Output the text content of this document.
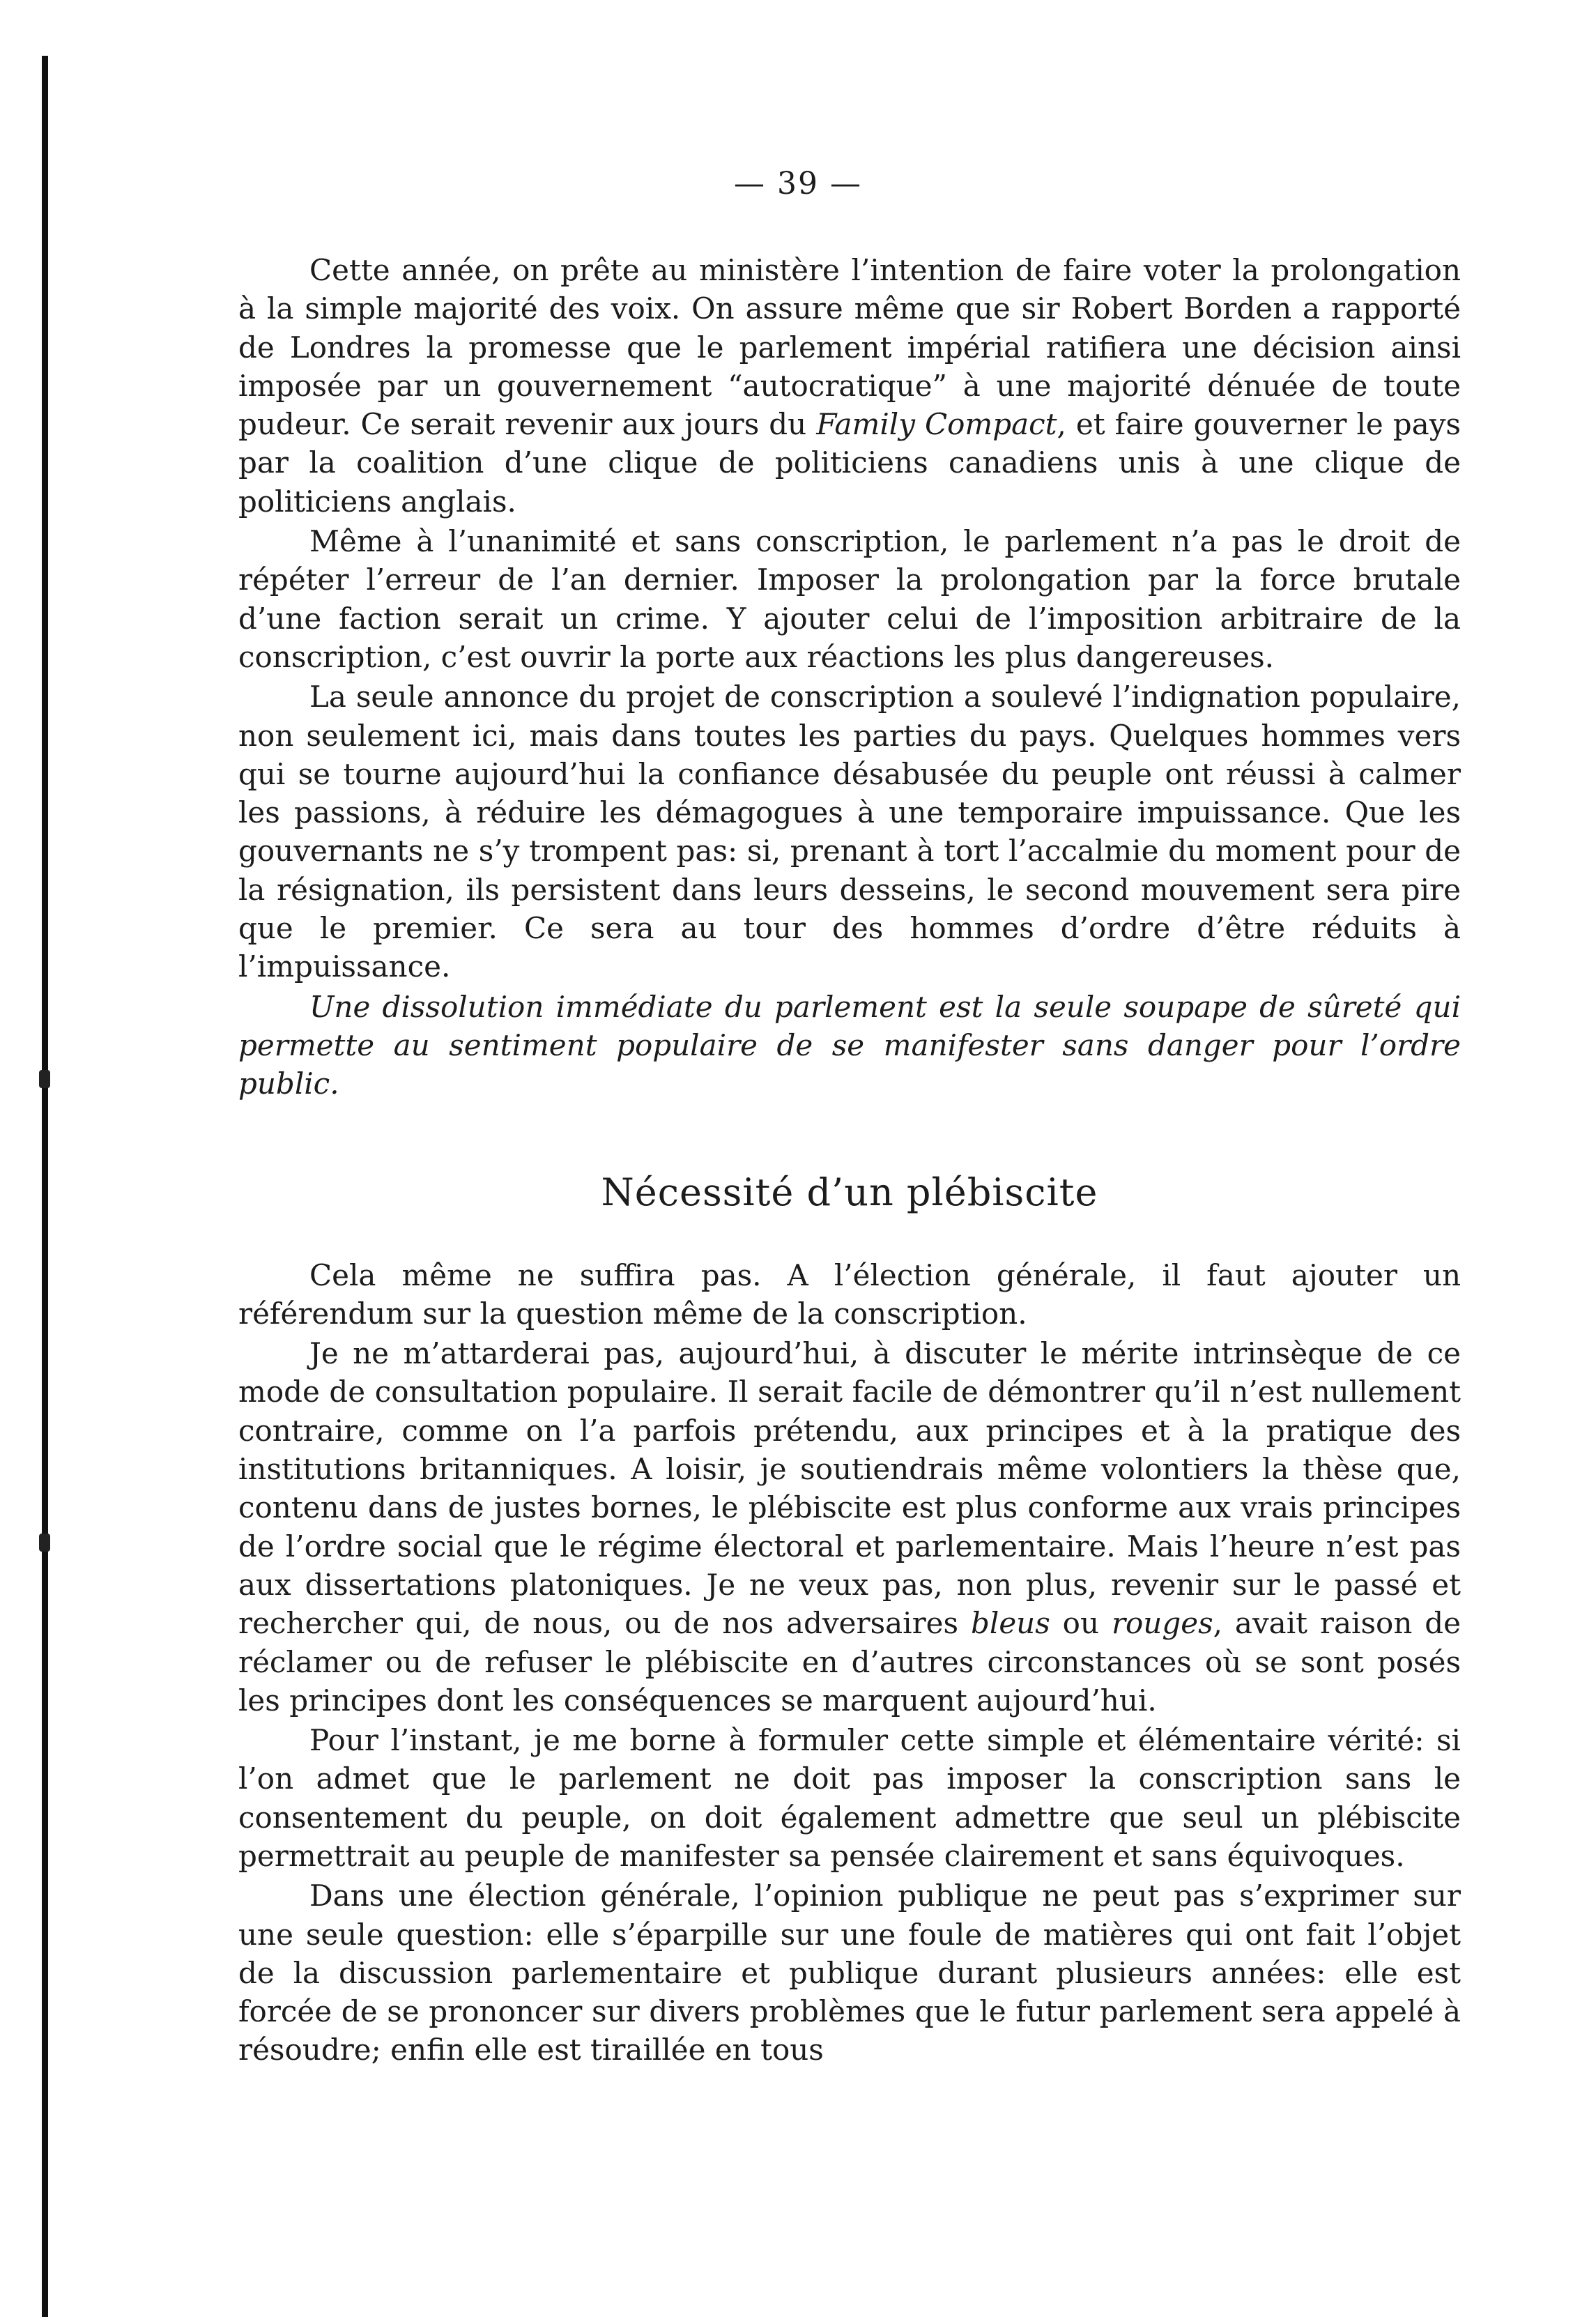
— 39 —

Cette année, on prête au ministère l’intention de faire voter la prolongation à la simple majorité des voix. On assure même que sir Robert Borden a rapporté de Londres la promesse que le parlement impérial ratifiera une décision ainsi imposée par un gouvernement “autocratique” à une majorité dénuée de toute pudeur. Ce serait revenir aux jours du Family Compact, et faire gouverner le pays par la coalition d’une clique de politiciens canadiens unis à une clique de politiciens anglais.

Même à l’unanimité et sans conscription, le parlement n’a pas le droit de répéter l’erreur de l’an dernier. Imposer la prolongation par la force brutale d’une faction serait un crime. Y ajouter celui de l’imposition arbitraire de la conscription, c’est ouvrir la porte aux réactions les plus dangereuses.

La seule annonce du projet de conscription a soulevé l’indignation populaire, non seulement ici, mais dans toutes les parties du pays. Quelques hommes vers qui se tourne aujourd’hui la confiance désabusée du peuple ont réussi à calmer les passions, à réduire les démagogues à une temporaire impuissance. Que les gouvernants ne s’y trompent pas: si, prenant à tort l’accalmie du moment pour de la résignation, ils persistent dans leurs desseins, le second mouvement sera pire que le premier. Ce sera au tour des hommes d’ordre d’être réduits à l’impuissance.

Une dissolution immédiate du parlement est la seule soupape de sûreté qui permette au sentiment populaire de se manifester sans danger pour l’ordre public.

Nécessité d’un plébiscite

Cela même ne suffira pas. A l’élection générale, il faut ajouter un référendum sur la question même de la conscription.

Je ne m’attarderai pas, aujourd’hui, à discuter le mérite intrinsèque de ce mode de consultation populaire. Il serait facile de démontrer qu’il n’est nullement contraire, comme on l’a parfois prétendu, aux principes et à la pratique des institutions britanniques. A loisir, je soutiendrais même volontiers la thèse que, contenu dans de justes bornes, le plébiscite est plus conforme aux vrais principes de l’ordre social que le régime électoral et parlementaire. Mais l’heure n’est pas aux dissertations platoniques. Je ne veux pas, non plus, revenir sur le passé et rechercher qui, de nous, ou de nos adversaires bleus ou rouges, avait raison de réclamer ou de refuser le plébiscite en d’autres circonstances où se sont posés les principes dont les conséquences se marquent aujourd’hui.

Pour l’instant, je me borne à formuler cette simple et élémentaire vérité: si l’on admet que le parlement ne doit pas imposer la conscription sans le consentement du peuple, on doit également admettre que seul un plébiscite permettrait au peuple de manifester sa pensée clairement et sans équivoques.

Dans une élection générale, l’opinion publique ne peut pas s’exprimer sur une seule question: elle s’éparpille sur une foule de matières qui ont fait l’objet de la discussion parlementaire et publique durant plusieurs années: elle est forcée de se prononcer sur divers problèmes que le futur parlement sera appelé à résoudre; enfin elle est tiraillée en tous
